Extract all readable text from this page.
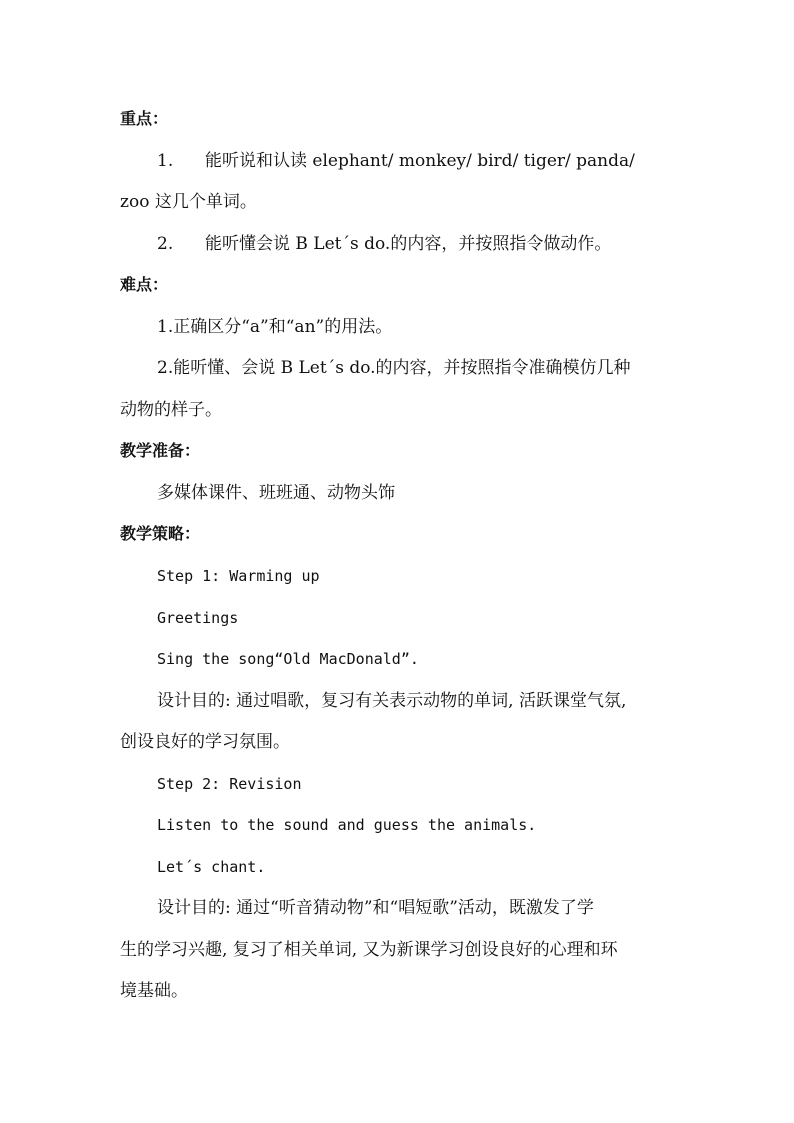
重点：
1. 能听说和认读 elephant/ monkey/ bird/ tiger/ panda/
zoo 这几个单词。
2. 能听懂会说 B Let´s do.的内容，并按照指令做动作。
难点：
1.正确区分“a”和“an”的用法。
2.能听懂、会说 B Let´s do.的内容，并按照指令准确模仿几种
动物的样子。
教学准备：
多媒体课件、班班通、动物头饰
教学策略：
Step 1: Warming up
Greetings
Sing the song“Old MacDonald”.
设计目的: 通过唱歌，复习有关表示动物的单词, 活跃课堂气氛,
创设良好的学习氛围。
Step 2: Revision
Listen to the sound and guess the animals.
Let´s chant.
设计目的: 通过“听音猜动物”和“唱短歌”活动，既激发了学
生的学习兴趣, 复习了相关单词, 又为新课学习创设良好的心理和环
境基础。
